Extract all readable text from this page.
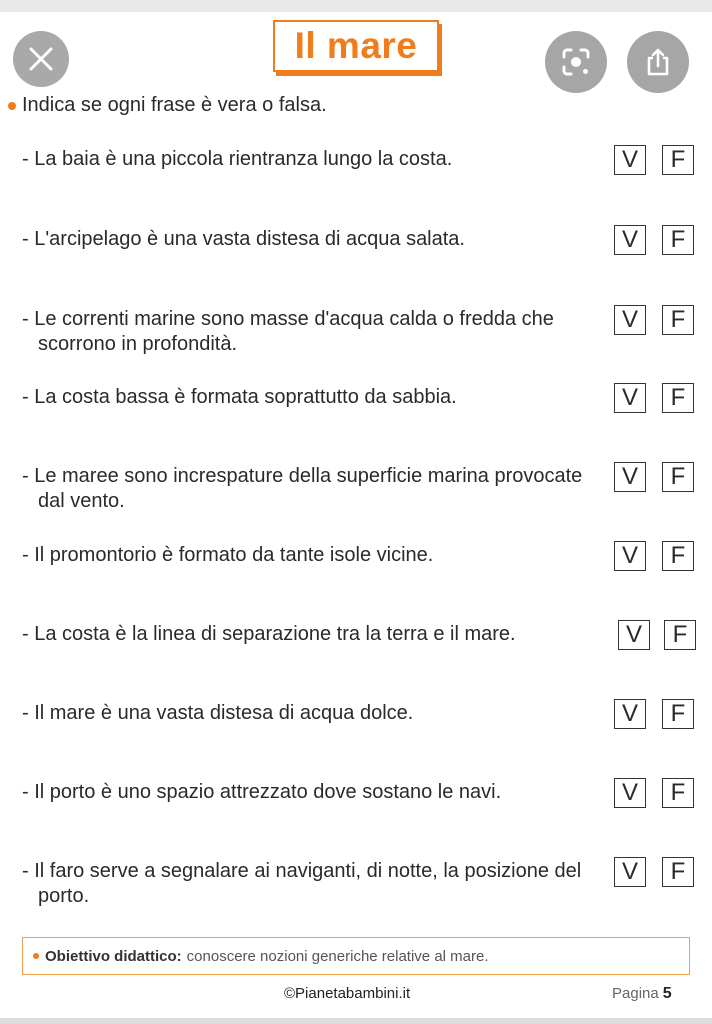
Il mare
Indica se ogni frase è vera o falsa.
- La baia è una piccola rientranza lungo la costa.	V F
- L'arcipelago è una vasta distesa di acqua salata.	V F
- Le correnti marine sono masse d'acqua calda o fredda che scorrono in profondità.
V F
- La costa bassa è formata soprattutto da sabbia.	V F
- Le maree sono increspature della superficie marina provocate dal vento.
V F
- Il promontorio è formato da tante isole vicine.	V F
- La costa è la linea di separazione tra la terra e il mare.	V F
- Il mare è una vasta distesa di acqua dolce.	V F
- Il porto è uno spazio attrezzato dove sostano le navi.	V F
- Il faro serve a segnalare ai naviganti, di notte, la posizione del porto.
V F
Obiettivo didattico: conoscere nozioni generiche relative al mare.
©Pianetabambini.it	Pagina 5
